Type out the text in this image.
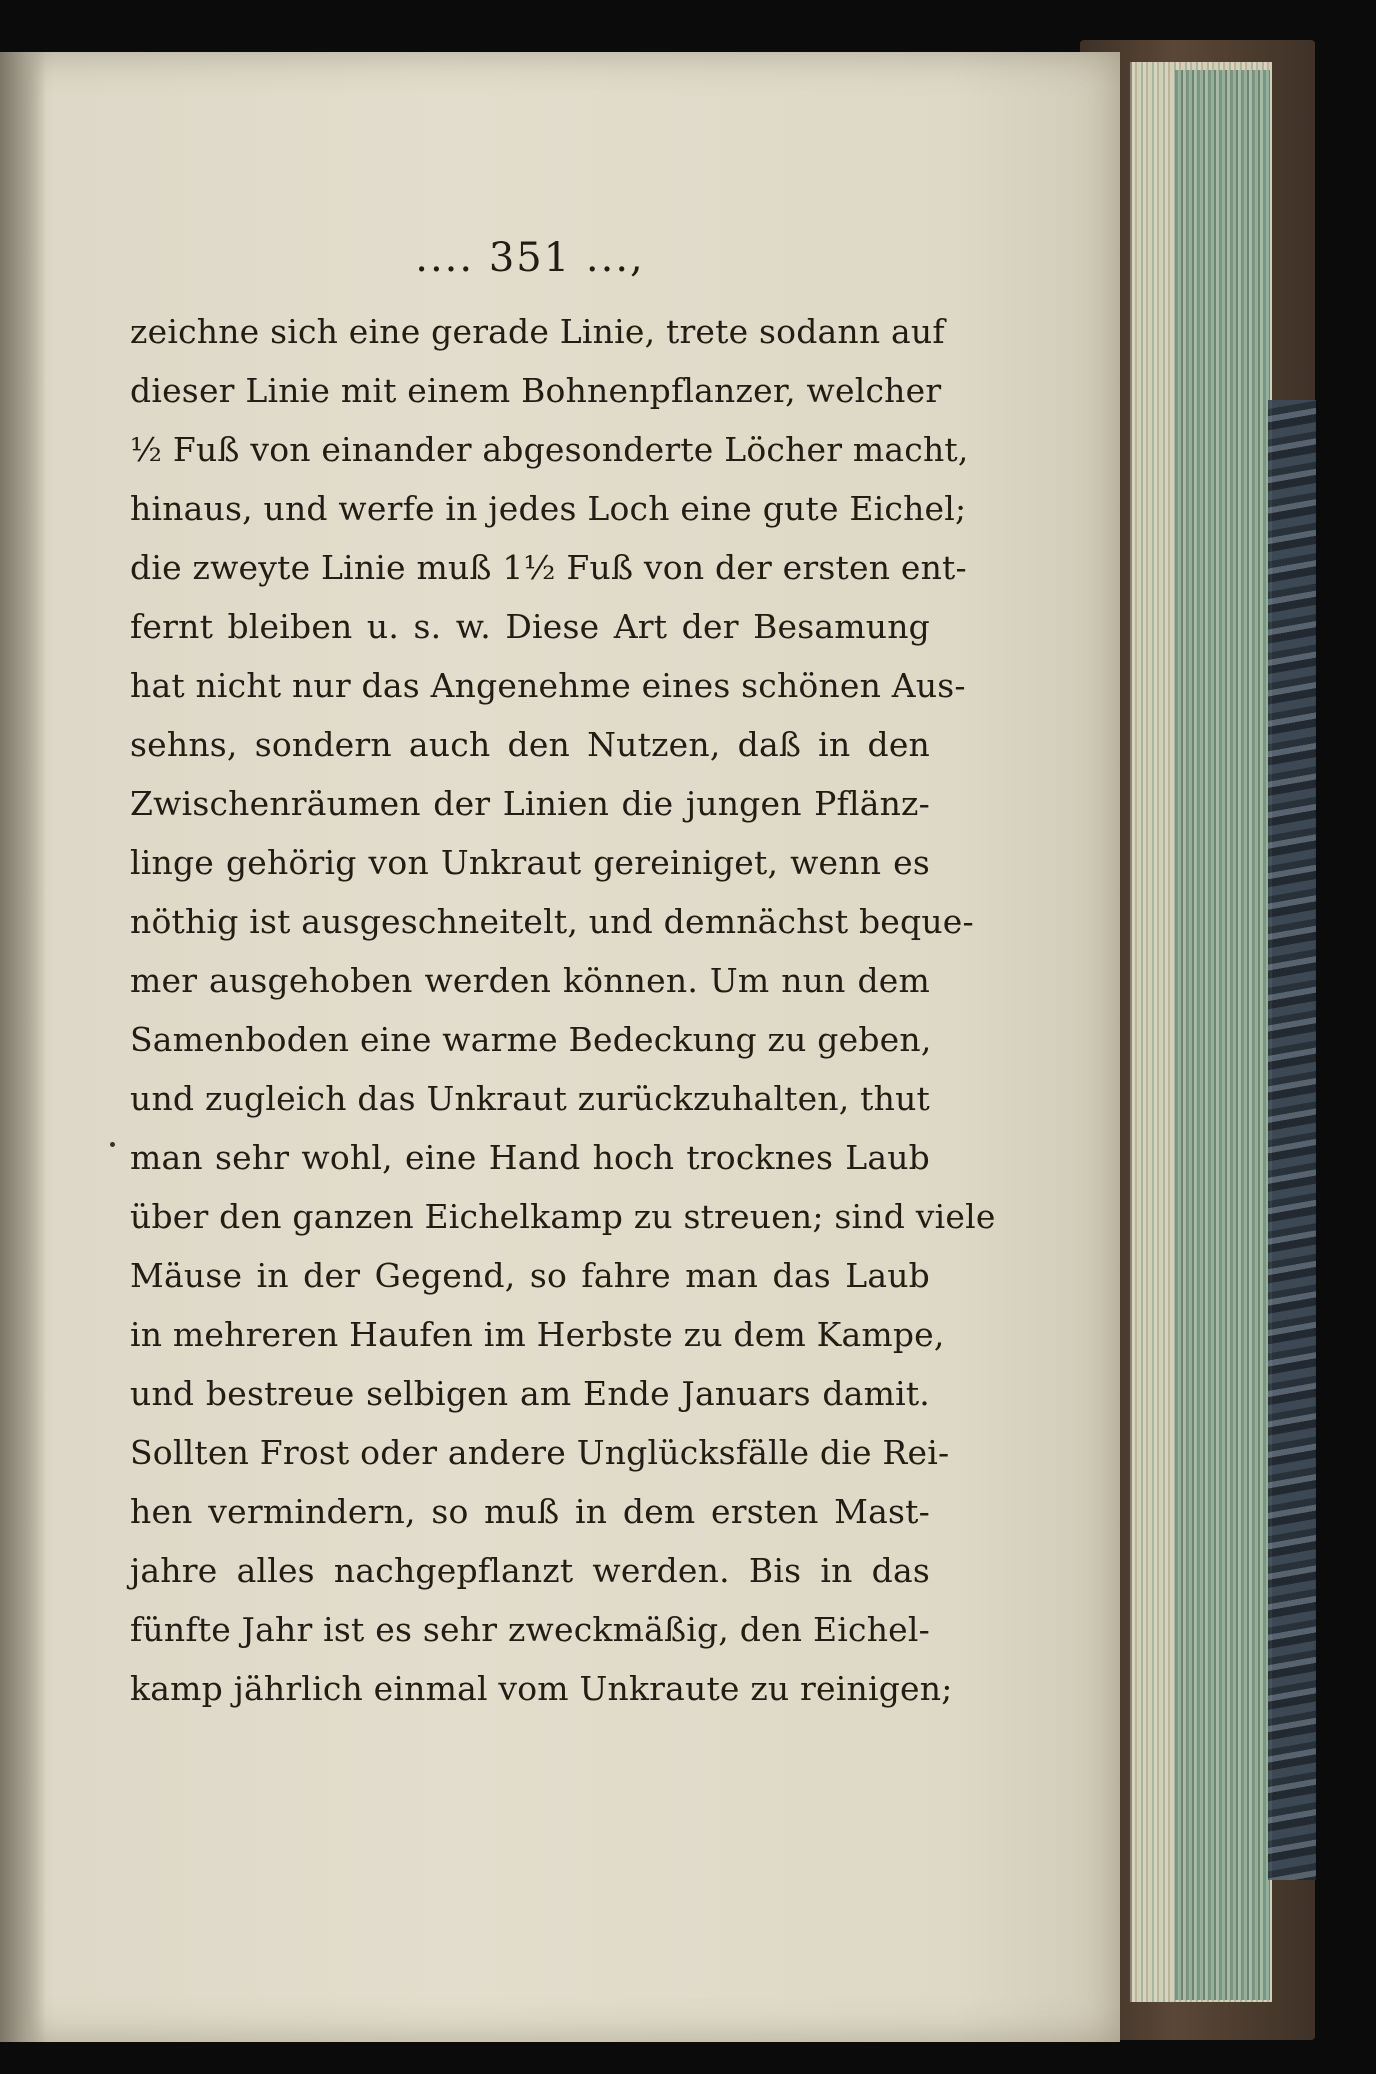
.... 351 ...,
zeichne sich eine gerade Linie, trete sodann auf
dieser Linie mit einem Bohnenpflanzer, welcher
½ Fuß von einander abgesonderte Löcher macht,
hinaus, und werfe in jedes Loch eine gute Eichel;
die zweyte Linie muß 1½ Fuß von der ersten ent-
fernt bleiben u. s. w. Diese Art der Besamung
hat nicht nur das Angenehme eines schönen Aus-
sehns, sondern auch den Nutzen, daß in den
Zwischenräumen der Linien die jungen Pflänz-
linge gehörig von Unkraut gereiniget, wenn es
nöthig ist ausgeschneitelt, und demnächst beque-
mer ausgehoben werden können. Um nun dem
Samenboden eine warme Bedeckung zu geben,
und zugleich das Unkraut zurückzuhalten, thut
man sehr wohl, eine Hand hoch trocknes Laub
über den ganzen Eichelkamp zu streuen; sind viele
Mäuse in der Gegend, so fahre man das Laub
in mehreren Haufen im Herbste zu dem Kampe,
und bestreue selbigen am Ende Januars damit.
Sollten Frost oder andere Unglücksfälle die Rei-
hen vermindern, so muß in dem ersten Mast-
jahre alles nachgepflanzt werden. Bis in das
fünfte Jahr ist es sehr zweckmäßig, den Eichel-
kamp jährlich einmal vom Unkraute zu reinigen;
